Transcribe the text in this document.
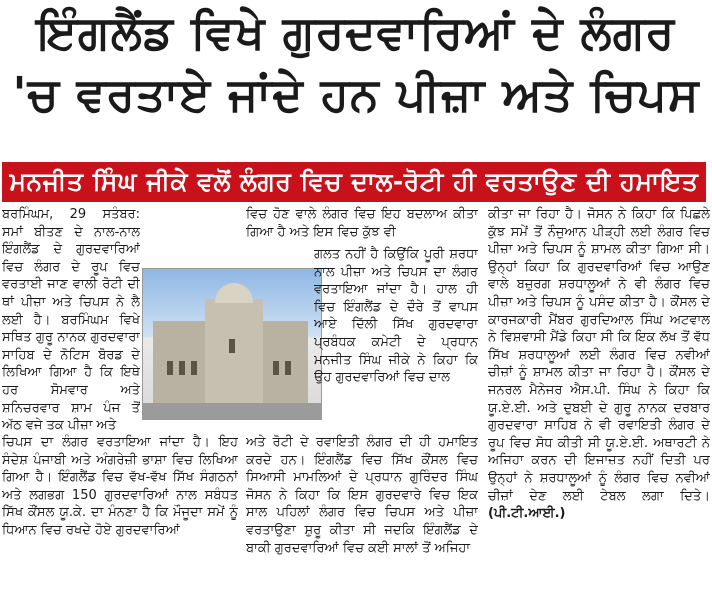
ਇੰਗਲੈਂਡ ਵਿਖੇ ਗੁਰਦਵਾਰਿਆਂ ਦੇ ਲੰਗਰ
'ਚ ਵਰਤਾਏ ਜਾਂਦੇ ਹਨ ਪੀਜ਼ਾ ਅਤੇ ਚਿਪਸ
ਮਨਜੀਤ ਸਿੰਘ ਜੀਕੇ ਵਲੋਂ ਲੰਗਰ ਵਿਚ ਦਾਲ-ਰੋਟੀ ਹੀ ਵਰਤਾਉਣ ਦੀ ਹਮਾਇਤ

ਬਰਮਿੰਘਮ, 29 ਸਤੰਬਰ: ਸਮਾਂ ਬੀਤਣ ਦੇ ਨਾਲ-ਨਾਲ ਇੰਗਲੈਂਡ ਦੇ ਗੁਰਦਵਾਰਿਆਂ ਵਿਚ ਲੰਗਰ ਦੇ ਰੂਪ ਵਿਚ ਵਰਤਾਈ ਜਾਣ ਵਾਲੀ ਰੋਟੀ ਦੀ ਥਾਂ ਪੀਜ਼ਾ ਅਤੇ ਚਿਪਸ ਨੇ ਲੈ ਲਈ ਹੈ। ਬਰਮਿੰਘਮ ਵਿਖੇ ਸਥਿਤ ਗੁਰੂ ਨਾਨਕ ਗੁਰਦਵਾਰਾ ਸਾਹਿਬ ਦੇ ਨੋਟਿਸ ਬੋਰਡ ਦੇ ਲਿਖਿਆ ਗਿਆ ਹੈ ਕਿ ਇਥੇ ਹਰ ਸੋਮਵਾਰ ਅਤੇ ਸ਼ਨਿਚਰਵਾਰ ਸ਼ਾਮ ਪੰਜ ਤੋਂ ਅੱਠ ਵਜੇ ਤਕ ਪੀਜ਼ਾ ਅਤੇ

ਚਿਪਸ ਦਾ ਲੰਗਰ ਵਰਤਾਇਆ ਜਾਂਦਾ ਹੈ। ਇਹ ਸੰਦੇਸ਼ ਪੰਜਾਬੀ ਅਤੇ ਅੰਗਰੇਜ਼ੀ ਭਾਸ਼ਾ ਵਿਚ ਲਿਖਿਆ ਗਿਆ ਹੈ। ਇੰਗਲੈਂਡ ਵਿਚ ਵੱਖ-ਵੱਖ ਸਿੱਖ ਸੰਗਠਨਾਂ ਅਤੇ ਲਗਭਗ 150 ਗੁਰਦਵਾਰਿਆਂ ਨਾਲ ਸਬੰਧਤ ਸਿੱਖ ਕੌਂਸਲ ਯੂ.ਕੇ. ਦਾ ਮੰਨਣਾ ਹੈ ਕਿ ਮੌਜੂਦਾ ਸਮੇਂ ਨੂੰ ਧਿਆਨ ਵਿਚ ਰਖਦੇ ਹੋਏ ਗੁਰਦਵਾਰਿਆਂ

ਵਿਚ ਹੋਣ ਵਾਲੇ ਲੰਗਰ ਵਿਚ ਇਹ ਬਦਲਾਅ ਕੀਤਾ ਗਿਆ ਹੈ ਅਤੇ ਇਸ ਵਿਚ ਕੁੱਝ ਵੀ

ਗਲਤ ਨਹੀਂ ਹੈ ਕਿਉਂਕਿ ਪੂਰੀ ਸ਼ਰਧਾ ਨਾਲ ਪੀਜ਼ਾ ਅਤੇ ਚਿਪਸ ਦਾ ਲੰਗਰ ਵਰਤਾਇਆ ਜਾਂਦਾ ਹੈ। ਹਾਲ ਹੀ ਵਿਚ ਇੰਗਲੈਂਡ ਦੇ ਦੌਰੇ ਤੋਂ ਵਾਪਸ ਆਏ ਦਿੱਲੀ ਸਿੱਖ ਗੁਰਦਵਾਰਾ ਪ੍ਰਬੰਧਕ ਕਮੇਟੀ ਦੇ ਪ੍ਰਧਾਨ ਮਨਜੀਤ ਸਿੰਘ ਜੀਕੇ ਨੇ ਕਿਹਾ ਕਿ ਉਹ ਗੁਰਦਵਾਰਿਆਂ ਵਿਚ ਦਾਲ

ਅਤੇ ਰੋਟੀ ਦੇ ਰਵਾਇਤੀ ਲੰਗਰ ਦੀ ਹੀ ਹਮਾਇਤ ਕਰਦੇ ਹਨ। ਇੰਗਲੈਂਡ ਵਿਚ ਸਿੱਖ ਕੌਂਸਲ ਵਿਚ ਸਿਆਸੀ ਮਾਮਲਿਆਂ ਦੇ ਪ੍ਰਧਾਨ ਗੁਰਿੰਦਰ ਸਿੰਘ ਜੋਸਨ ਨੇ ਕਿਹਾ ਕਿ ਇਸ ਗੁਰਦਵਾਰੇ ਵਿਚ ਇਕ ਸਾਲ ਪਹਿਲਾਂ ਲੰਗਰ ਵਿਚ ਚਿਪਸ ਅਤੇ ਪੀਜ਼ਾ ਵਰਤਾਉਣਾ ਸ਼ੁਰੂ ਕੀਤਾ ਸੀ ਜਦਕਿ ਇੰਗਲੈਂਡ ਦੇ ਬਾਕੀ ਗੁਰਦਵਾਰਿਆਂ ਵਿਚ ਕਈ ਸਾਲਾਂ ਤੋਂ ਅਜਿਹਾ

ਕੀਤਾ ਜਾ ਰਿਹਾ ਹੈ। ਜੋਸਨ ਨੇ ਕਿਹਾ ਕਿ ਪਿਛਲੇ ਕੁੱਝ ਸਮੇਂ ਤੋਂ ਨੌਜੁਆਨ ਪੀੜ੍ਹੀ ਲਈ ਲੰਗਰ ਵਿਚ ਪੀਜ਼ਾ ਅਤੇ ਚਿਪਸ ਨੂੰ ਸ਼ਾਮਲ ਕੀਤਾ ਗਿਆ ਸੀ। ਉਨ੍ਹਾਂ ਕਿਹਾ ਕਿ ਗੁਰਦਵਾਰਿਆਂ ਵਿਚ ਆਉਣ ਵਾਲੇ ਬਜ਼ੁਰਗ ਸ਼ਰਧਾਲੂਆਂ ਨੇ ਵੀ ਲੰਗਰ ਵਿਚ ਪੀਜ਼ਾ ਅਤੇ ਚਿਪਸ ਨੂੰ ਪਸੰਦ ਕੀਤਾ ਹੈ। ਕੌਂਸਲ ਦੇ ਕਾਰਜਕਾਰੀ ਮੈਂਬਰ ਗੁਰਦਿਆਲ ਸਿੰਘ ਅਟਵਾਲ ਨੇ ਵਿਸ਼ਵਾਸੀ ਮੈਂਡੇ ਕਿਹਾ ਸੀ ਕਿ ਇਕ ਲੱਖ ਤੋਂ ਵੱਧ ਸਿੱਖ ਸ਼ਰਧਾਲੂਆਂ ਲਈ ਲੰਗਰ ਵਿਚ ਨਵੀਆਂ ਚੀਜ਼ਾਂ ਨੂੰ ਸ਼ਾਮਲ ਕੀਤਾ ਜਾ ਰਿਹਾ ਹੈ। ਕੌਂਸਲ ਦੇ ਜਨਰਲ ਮੈਨੇਜਰ ਐਸ.ਪੀ. ਸਿੰਘ ਨੇ ਕਿਹਾ ਕਿ ਯੂ.ਏ.ਈ. ਅਤੇ ਦੁਬਈ ਦੇ ਗੁਰੂ ਨਾਨਕ ਦਰਬਾਰ ਗੁਰਦਵਾਰਾ ਸਾਹਿਬ ਨੇ ਵੀ ਰਵਾਇਤੀ ਲੰਗਰ ਦੇ ਰੂਪ ਵਿਚ ਸੋਧ ਕੀਤੀ ਸੀ ਯੂ.ਏ.ਈ. ਅਥਾਰਟੀ ਨੇ ਅਜਿਹਾ ਕਰਨ ਦੀ ਇਜਾਜ਼ਤ ਨਹੀਂ ਦਿਤੀ ਪਰ ਉਨ੍ਹਾਂ ਨੇ ਸ਼ਰਧਾਲੂਆਂ ਨੂੰ ਲੰਗਰ ਵਿਚ ਨਵੀਆਂ ਚੀਜ਼ਾਂ ਦੇਣ ਲਈ ਟੇਬਲ ਲਗਾ ਦਿਤੇ। (ਪੀ.ਟੀ.ਆਈ.)
